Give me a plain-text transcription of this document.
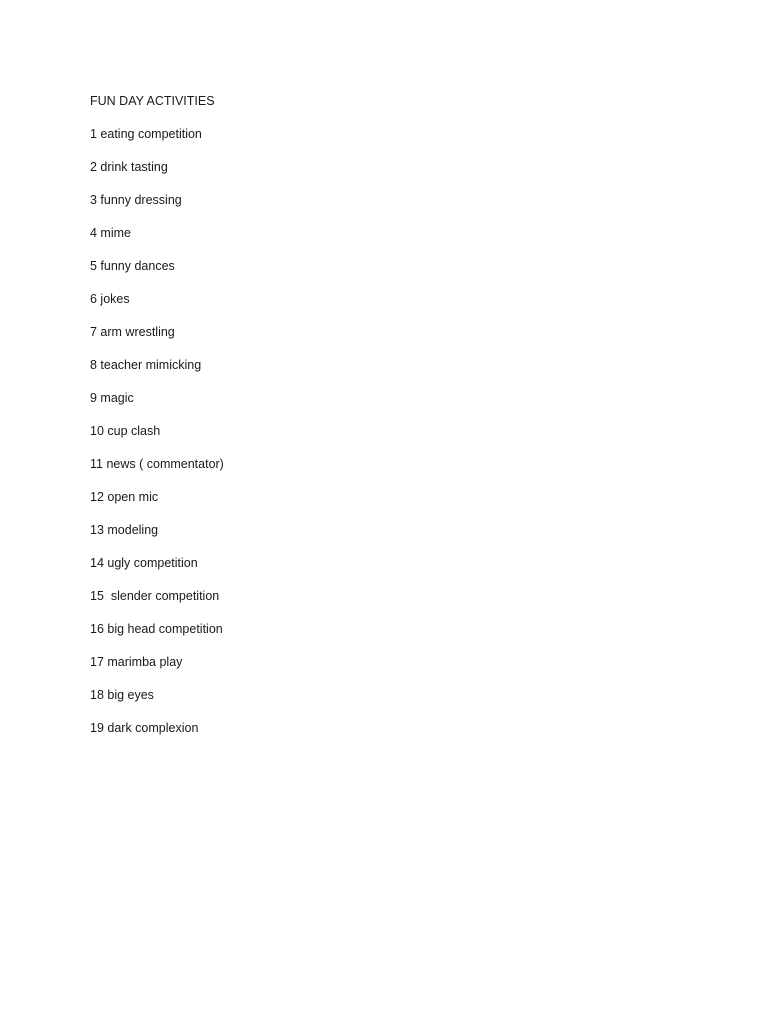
FUN DAY ACTIVITIES

1 eating competition
2 drink tasting
3 funny dressing
4 mime
5 funny dances
6 jokes
7 arm wrestling
8 teacher mimicking
9 magic
10 cup clash
11 news ( commentator)
12 open mic
13 modeling
14 ugly competition
15  slender competition
16 big head competition
17 marimba play
18 big eyes
19 dark complexion
